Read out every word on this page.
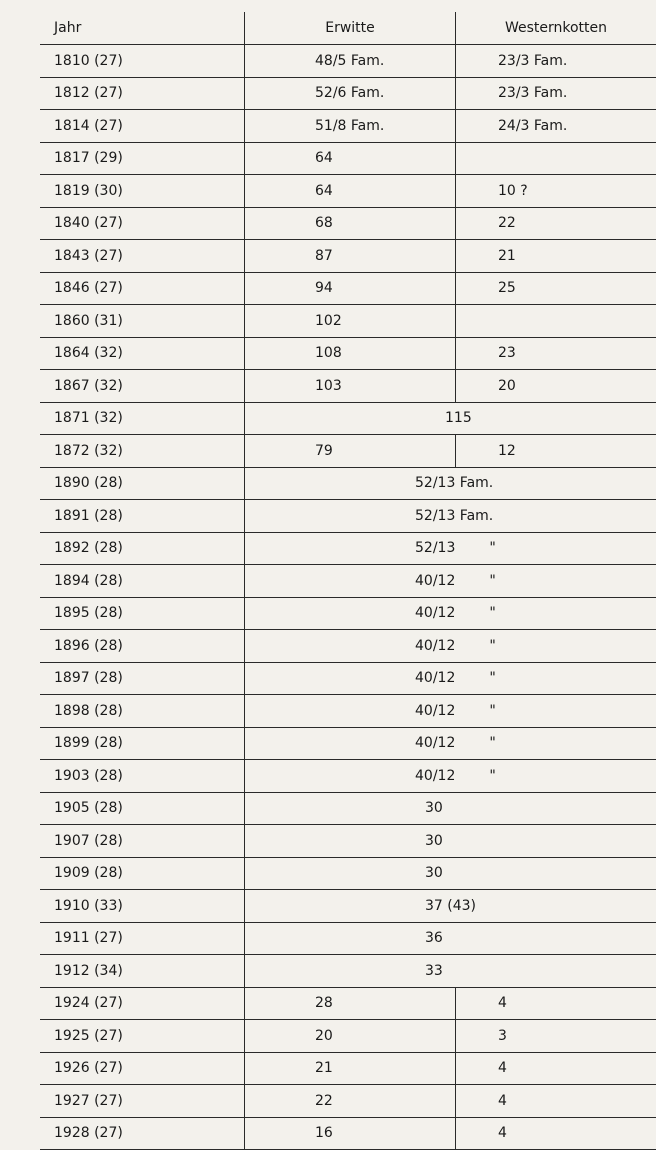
Jahr	Erwitte	Westernkotten
1810 (27)	48/5 Fam.	23/3 Fam.
1812 (27)	52/6 Fam.	23/3 Fam.
1814 (27)	51/8 Fam.	24/3 Fam.
1817 (29)	64	
1819 (30)	64	10 ?
1840 (27)	68	22
1843 (27)	87	21
1846 (27)	94	25
1860 (31)	102	
1864 (32)	108	23
1867 (32)	103	20
1871 (32)	115	
1872 (32)	79	12
1890 (28)	52/13 Fam.	
1891 (28)	52/13 Fam.	
1892 (28)	52/13 "	
1894 (28)	40/12 "	
1895 (28)	40/12 "	
1896 (28)	40/12 "	
1897 (28)	40/12 "	
1898 (28)	40/12 "	
1899 (28)	40/12 "	
1903 (28)	40/12 "	
1905 (28)	30	
1907 (28)	30	
1909 (28)	30	
1910 (33)	37 (43)	
1911 (27)	36	
1912 (34)	33	
1924 (27)	28	4
1925 (27)	20	3
1926 (27)	21	4
1927 (27)	22	4
1928 (27)	16	4
